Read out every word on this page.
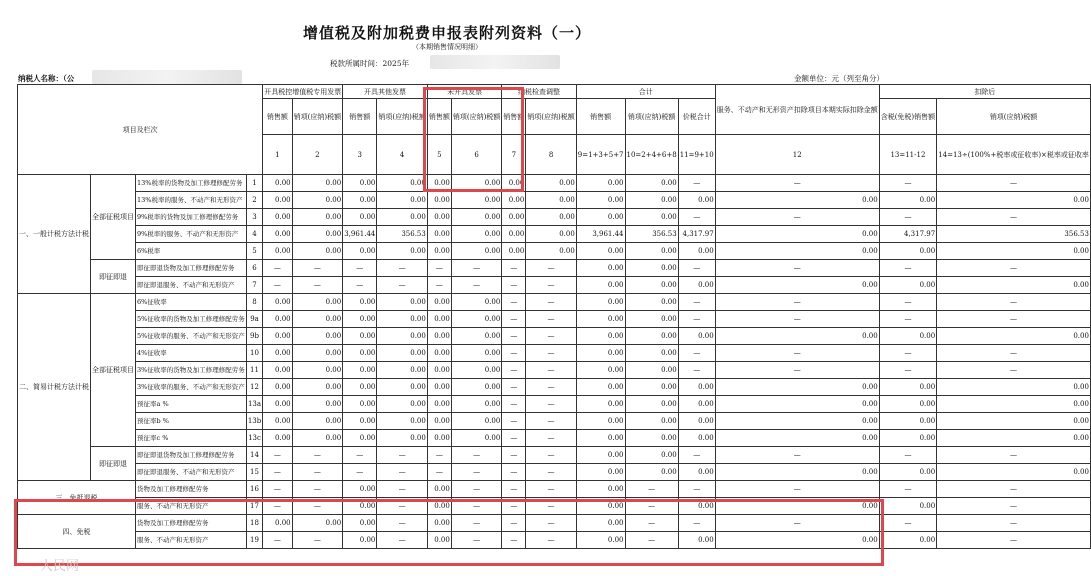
增值税及附加税费申报表附列资料（一）
（本期销售情况明细）
税款所属时间：2025年
纳税人名称：（公	金额单位：元（列至角分）
项目及栏次				开具税控增值税专用发票		开具其他发票		未开具发票		纳税检查调整		合计			服务、不动产和无形资产扣除项目本期实际扣除金额	扣除后	
				销售额	销项(应纳)税额	销售额	销项(应纳)税额	销售额	销项(应纳)税额	销售额	销项(应纳)税额	销售额	销项(应纳)税额	价税合计		含税(免税)销售额	销项(应纳)税额
				1	2	3	4	5	6	7	8	9=1+3+5+7	10=2+4+6+8	11=9+10	12	13=11-12	14=13÷(100%+税率或征收率)×税率或征收率
一、一般计税方法计税	全部征税项目	13%税率的货物及加工修理修配劳务	1	0.00	0.00	0.00	0.00	0.00	0.00	0.00	0.00	0.00	0.00	—	—	—	—
		13%税率的服务、不动产和无形资产	2	0.00	0.00	0.00	0.00	0.00	0.00	0.00	0.00	0.00	0.00	0.00	0.00	0.00	0.00
		9%税率的货物及加工修理修配劳务	3	0.00	0.00	0.00	0.00	0.00	0.00	0.00	0.00	0.00	0.00	—	—	—	—
		9%税率的服务、不动产和无形资产	4	0.00	0.00	3,961.44	356.53	0.00	0.00	0.00	0.00	3,961.44	356.53	4,317.97	0.00	4,317.97	356.53
		6%税率	5	0.00	0.00	0.00	0.00	0.00	0.00	0.00	0.00	0.00	0.00	0.00	0.00	0.00	0.00
	即征即退	即征即退货物及加工修理修配劳务	6	—	—	—	—	—	—	—	—	0.00	0.00	—	—	—	—
		即征即退服务、不动产和无形资产	7	—	—	—	—	—	—	—	—	0.00	0.00	0.00	0.00	0.00	0.00
二、简易计税方法计税	全部征税项目	6%征收率	8	0.00	0.00	0.00	0.00	0.00	0.00	—	—	0.00	0.00	—	—	—	—
		5%征收率的货物及加工修理修配劳务	9a	0.00	0.00	0.00	0.00	0.00	0.00	—	—	0.00	0.00	—	—	—	—
		5%征收率的服务、不动产和无形资产	9b	0.00	0.00	0.00	0.00	0.00	0.00	—	—	0.00	0.00	0.00	0.00	0.00	0.00
		4%征收率	10	0.00	0.00	0.00	0.00	0.00	0.00	—	—	0.00	0.00	—	—	—	—
		3%征收率的货物及加工修理修配劳务	11	0.00	0.00	0.00	0.00	0.00	0.00	—	—	0.00	0.00	—	—	—	—
		3%征收率的服务、不动产和无形资产	12	0.00	0.00	0.00	0.00	0.00	0.00	—	—	0.00	0.00	0.00	0.00	0.00	0.00
		预征率a %	13a	0.00	0.00	0.00	0.00	0.00	0.00	—	—	0.00	0.00	0.00	0.00	0.00	0.00
		预征率b %	13b	0.00	0.00	0.00	0.00	0.00	0.00	—	—	0.00	0.00	0.00	0.00	0.00	0.00
		预征率c %	13c	0.00	0.00	0.00	0.00	0.00	0.00	—	—	0.00	0.00	0.00	0.00	0.00	0.00
	即征即退	即征即退货物及加工修理修配劳务	14	—	—	—	—	—	—	—	—	0.00	0.00	—	—	—	—
		即征即退服务、不动产和无形资产	15	—	—	—	—	—	—	—	—	0.00	0.00	0.00	0.00	0.00	0.00
三、免抵退税		货物及加工修理修配劳务	16	—	—	0.00	—	0.00	—	—	—	0.00	—	—	—	—	—
		服务、不动产和无形资产	17	—	—	0.00	—	0.00	—	—	—	0.00	—	0.00	0.00	0.00	—
四、免税		货物及加工修理修配劳务	18	0.00	0.00	0.00	—	0.00	—	—	—	0.00	—	—	—	—	—
		服务、不动产和无形资产	19	—	—	0.00	—	0.00	—	—	—	0.00	—	0.00	0.00	0.00	—
人民网
